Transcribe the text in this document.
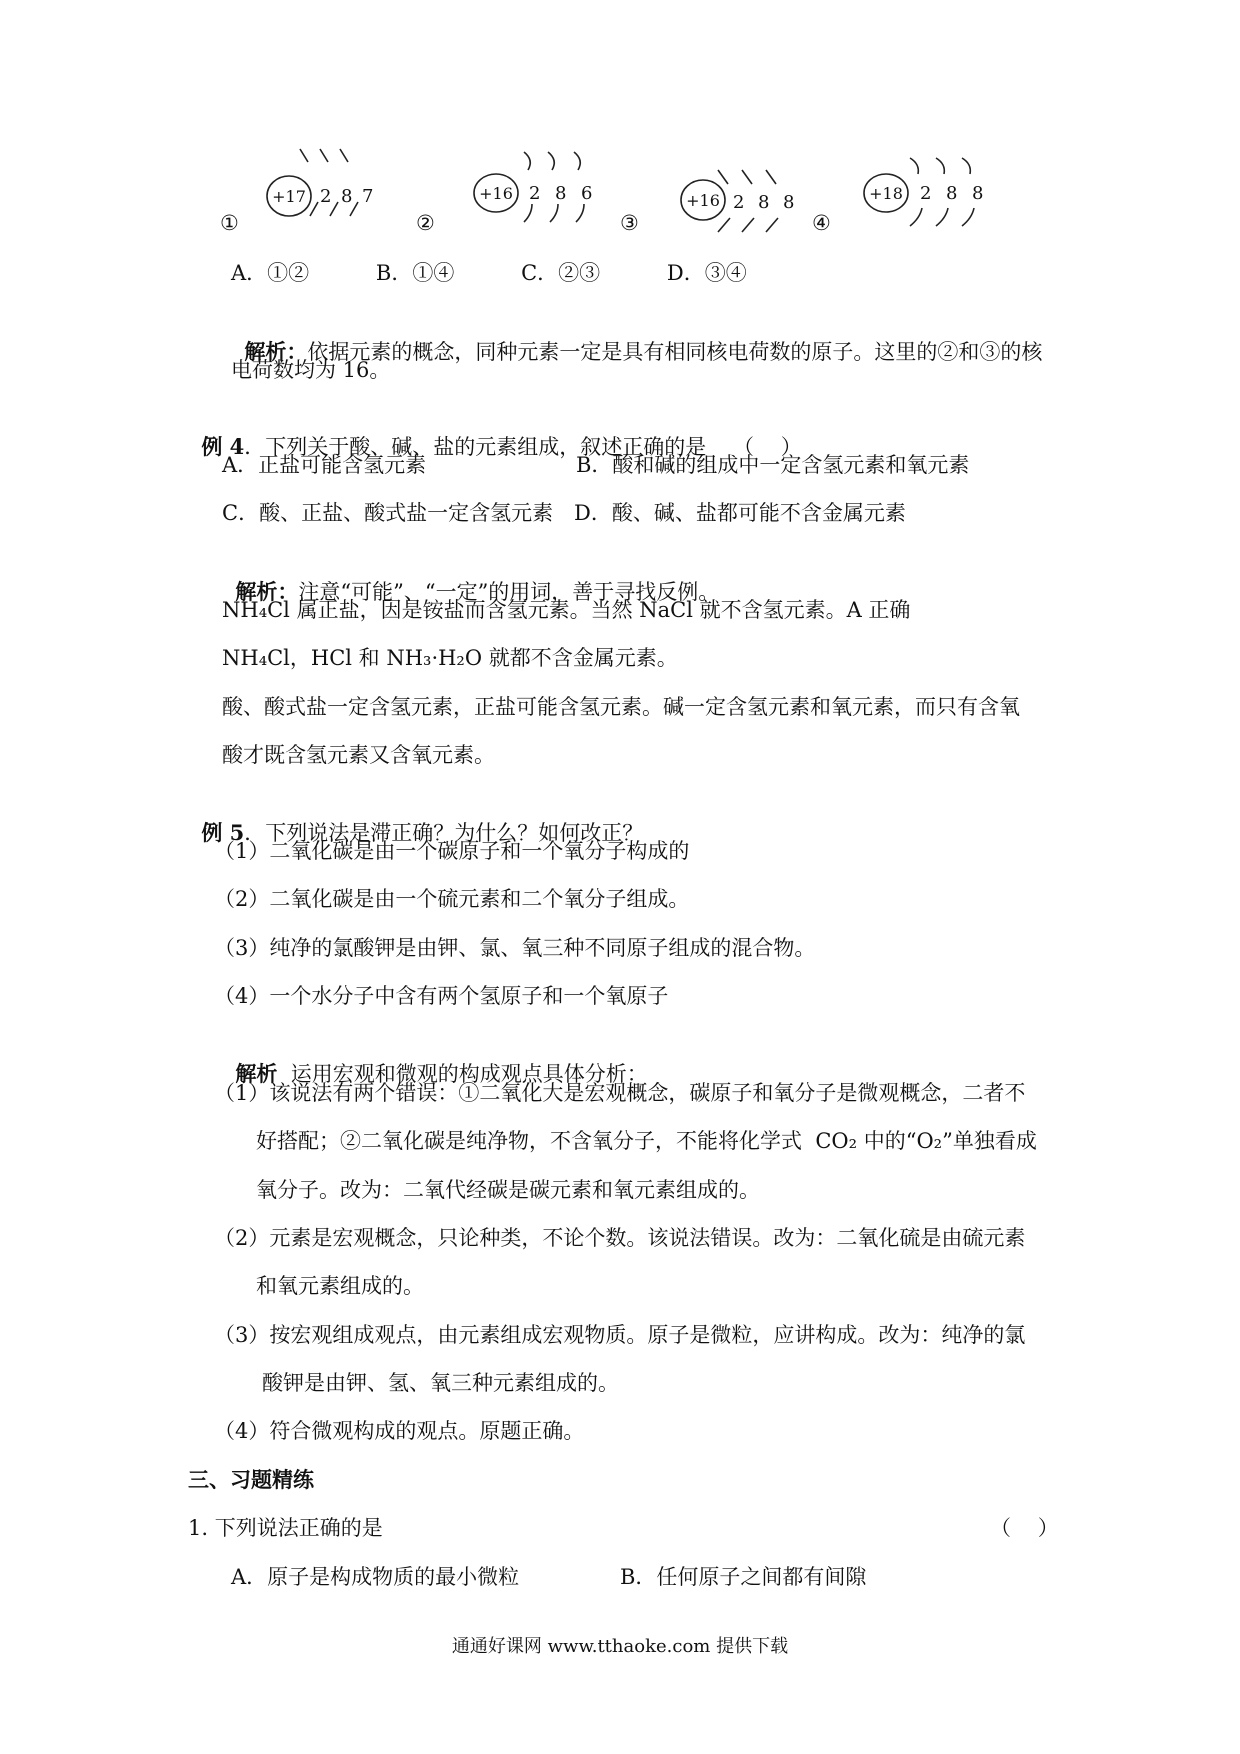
+17	+16	+16	+18
2 8 7	2 8 6	2 8 8	2 8 8
①	②	③	④
A．①②          B．①④          C．②③          D．③④

解析：依据元素的概念，同种元素一定是具有相同核电荷数的原子。这里的②和③的核

电荷数均为 16。

例 4．下列关于酸、碱、盐的元素组成，叙述正确的是    （    ）

A．正盐可能含氢元素	B．酸和碱的组成中一定含氢元素和氧元素
C．酸、正盐、酸式盐一定含氢元素 D．酸、碱、盐都可能不含金属元素

解析：注意“可能”、“一定”的用词，善于寻找反例。

NH₄Cl 属正盐，因是铵盐而含氢元素。当然 NaCl 就不含氢元素。A 正确
NH₄Cl，HCl 和 NH₃·H₂O 就都不含金属元素。
酸、酸式盐一定含氢元素，正盐可能含氢元素。碱一定含氢元素和氧元素，而只有含氧
酸才既含氢元素又含氧元素。

例 5．下列说法是滞正确？为什么？如何改正？

（1）二氧化碳是由一个碳原子和一个氧分子构成的
（2）二氧化碳是由一个硫元素和二个氧分子组成。
（3）纯净的氯酸钾是由钾、氯、氧三种不同原子组成的混合物。
（4）一个水分子中含有两个氢原子和一个氧原子

解析  运用宏观和微观的构成观点具体分析：

（1）该说法有两个错误：①二氧化大是宏观概念，碳原子和氧分子是微观概念，二者不
好搭配；②二氧化碳是纯净物，不含氧分子，不能将化学式  CO₂ 中的“O₂”单独看成
氧分子。改为：二氧代经碳是碳元素和氧元素组成的。
（2）元素是宏观概念，只论种类，不论个数。该说法错误。改为：二氧化硫是由硫元素
和氧元素组成的。
（3）按宏观组成观点，由元素组成宏观物质。原子是微粒，应讲构成。改为：纯净的氯
酸钾是由钾、氢、氧三种元素组成的。
（4）符合微观构成的观点。原题正确。
三、习题精练
1. 下列说法正确的是	（    ）
A．原子是构成物质的最小微粒	B．任何原子之间都有间隙
通通好课网 www.tthaoke.com 提供下载
